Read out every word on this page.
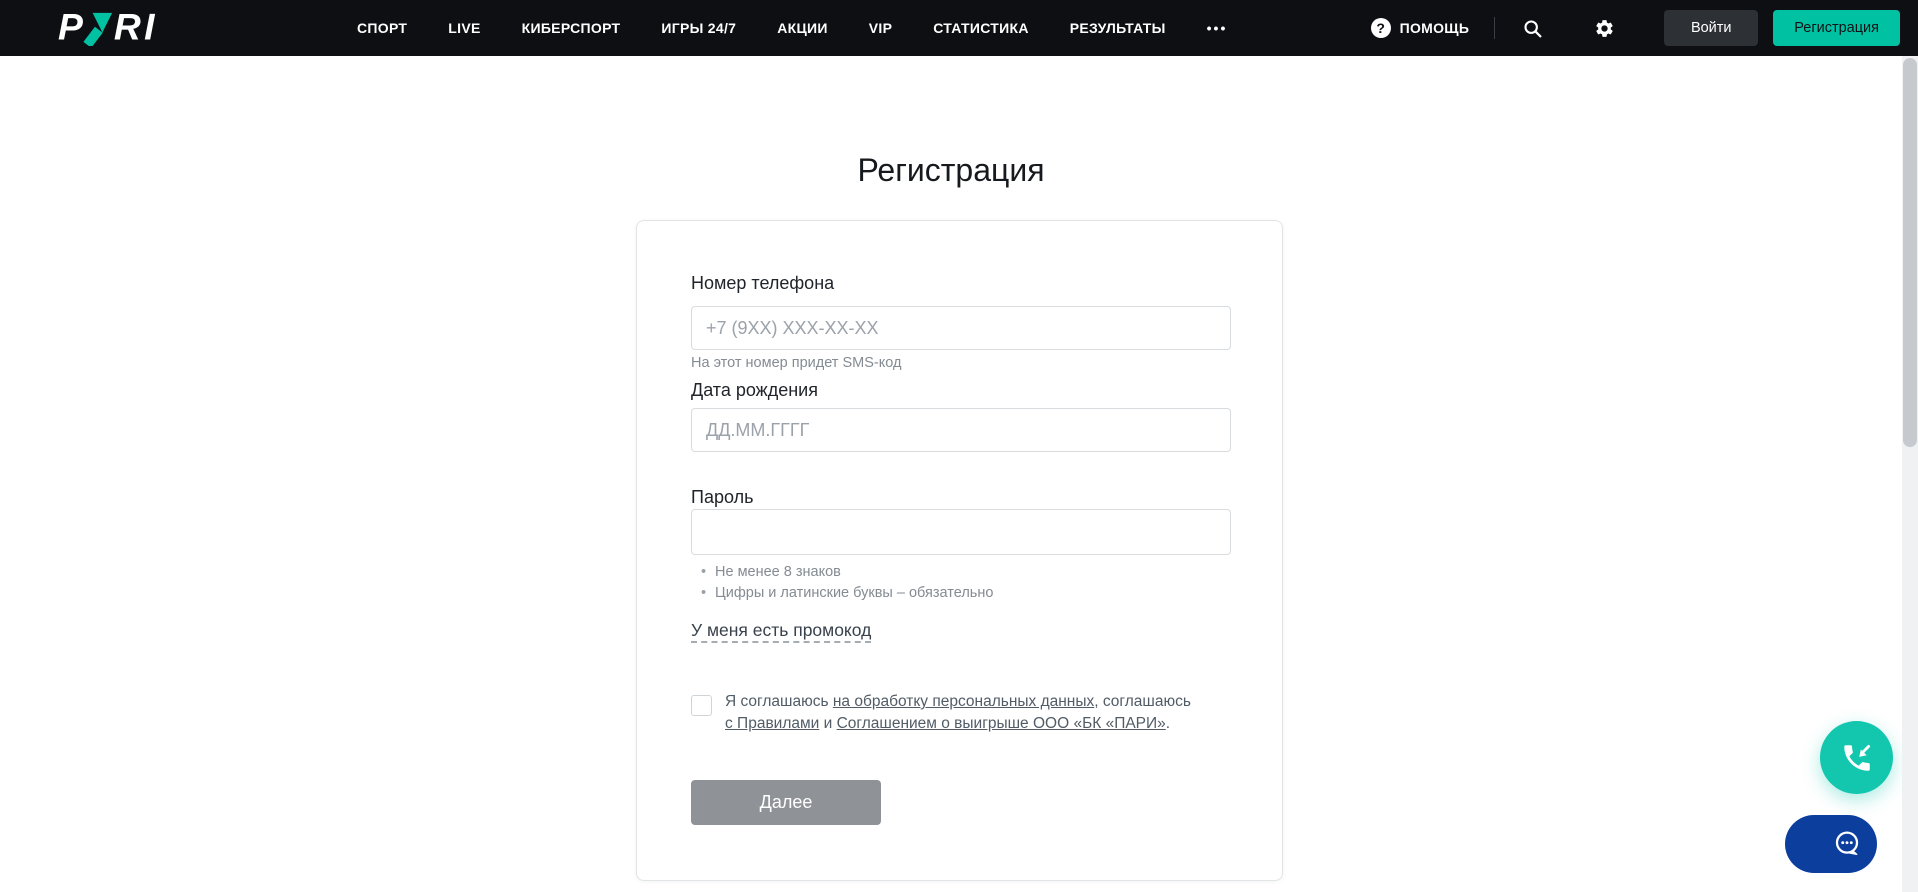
P R I	СПОРТ	LIVE	КИБЕРСПОРТ	ИГРЫ 24/7	АКЦИИ	VIP	СТАТИСТИКА	РЕЗУЛЬТАТЫ	•••	?	ПОМОЩЬ	Войти	Регистрация
Регистрация
Номер телефона
+7 (9XX) XXX-XX-XX
На этот номер придет SMS-код
Дата рождения
ДД.ММ.ГГГГ
Пароль
• Не менее 8 знаков
• Цифры и латинские буквы – обязательно
У меня есть промокод

Я соглашаюсь на обработку персональных данных, соглашаюсь с Правилами и Соглашением о выигрыше ООО «БК «ПАРИ».

Далее
